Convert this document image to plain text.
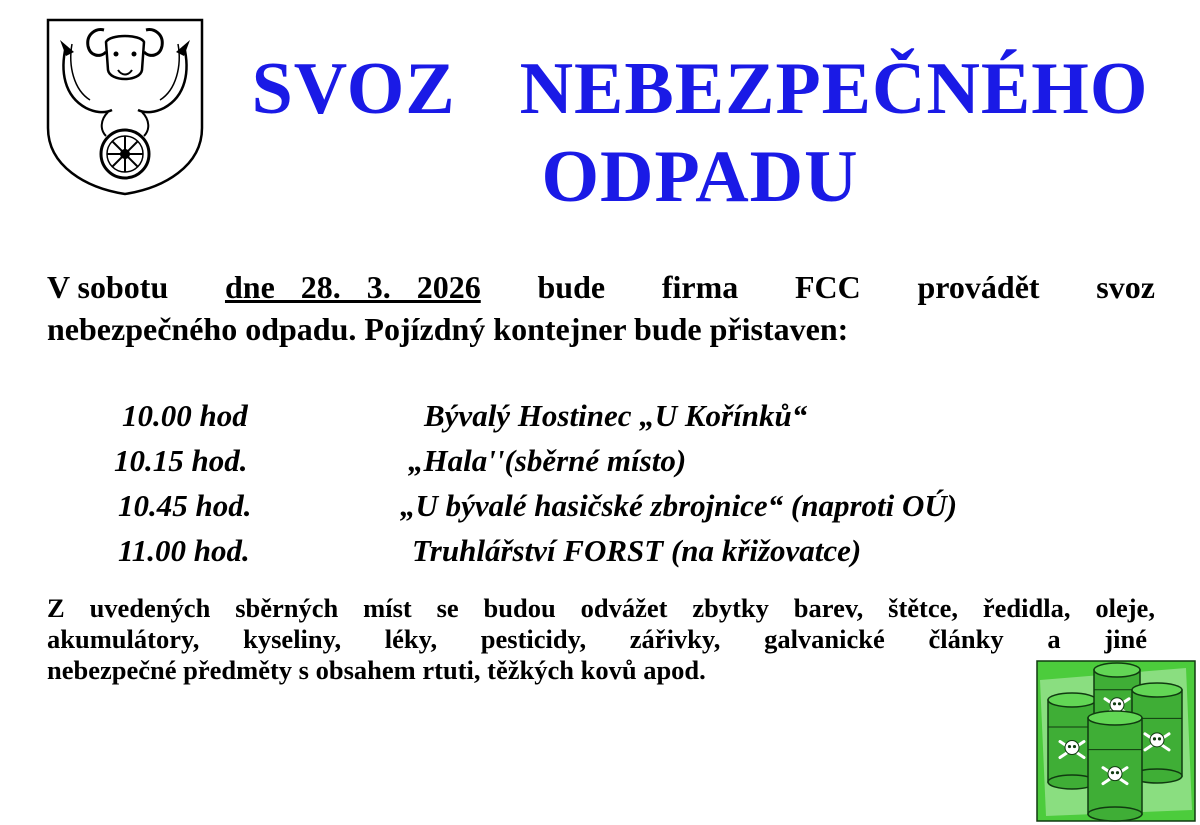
SVOZ NEBEZPEČNÉHO
ODPADU
V sobotu dne 28. 3. 2026 bude firma FCC provádět svoz
nebezpečného odpadu. Pojízdný kontejner bude přistaven:
10.00 hod	Bývalý Hostinec „U Kořínků“
10.15 hod.	„Hala''(sběrné místo)
10.45 hod.	„U bývalé hasičské zbrojnice“ (naproti OÚ)
11.00 hod.	Truhlářství FORST (na křižovatce)
Z uvedených sběrných míst se budou odvážet zbytky barev, štětce, ředidla, oleje,
akumulátory, kyseliny, léky, pesticidy, zářivky, galvanické články a jiné
nebezpečné předměty s obsahem rtuti, těžkých kovů apod.
